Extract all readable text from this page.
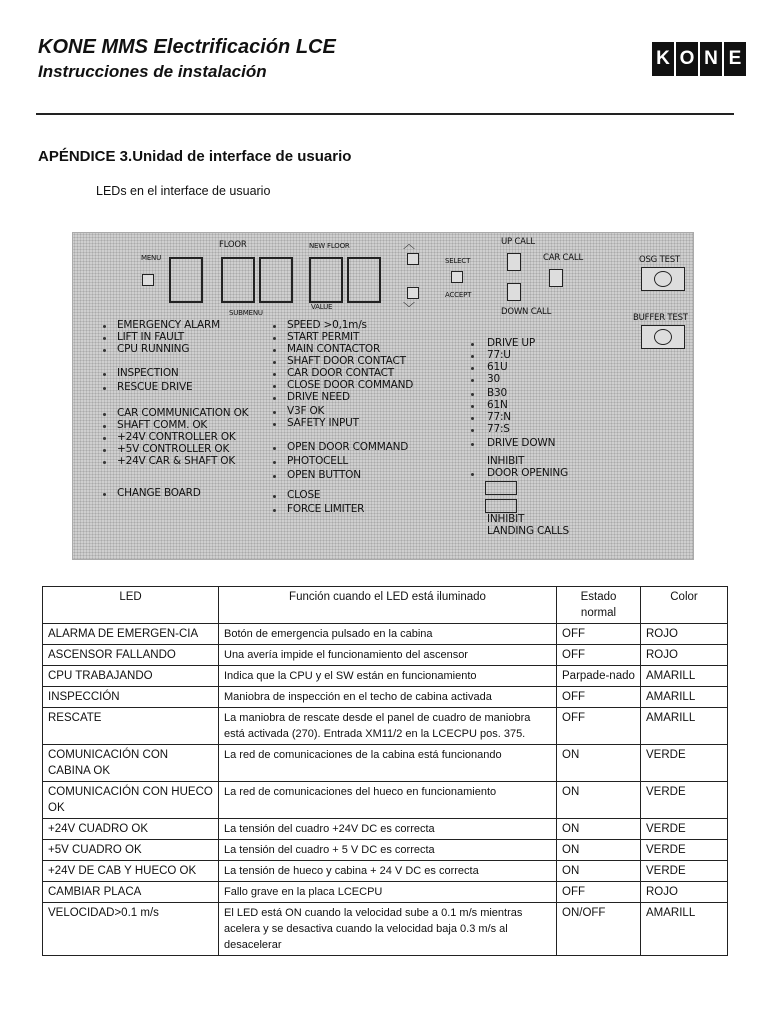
KONE MMS Electrificación LCE
Instrucciones de instalación
K O N E
APÉNDICE 3.Unidad de interface de usuario
LEDs en el interface de usuario
MENU
FLOOR	NEW FLOOR
SUBMENU
VALUE
︿
﹀
SELECT
ACCEPT
UP CALL
CAR CALL
DOWN CALL
OSG TEST
BUFFER TEST
EMERGENCY ALARM
LIFT IN FAULT
CPU RUNNING
INSPECTION
RESCUE DRIVE
CAR COMMUNICATION OK
SHAFT COMM. OK
+24V CONTROLLER OK
+5V CONTROLLER OK
+24V CAR & SHAFT OK
CHANGE BOARD
SPEED >0,1m/s
START PERMIT
MAIN CONTACTOR
SHAFT DOOR CONTACT
CAR DOOR CONTACT
CLOSE DOOR COMMAND
DRIVE NEED
V3F OK
SAFETY INPUT
OPEN DOOR COMMAND
PHOTOCELL
OPEN BUTTON
CLOSE
FORCE LIMITER
DRIVE UP
77:U
61U
30
B30
61N
77:N
77:S
DRIVE DOWN
INHIBIT
DOOR OPENING
INHIBIT
LANDING CALLS
LED	Función cuando el LED está iluminado	Estado normal	Color
ALARMA DE EMERGEN-CIA	Botón de emergencia pulsado en la cabina	OFF	ROJO
ASCENSOR FALLANDO	Una avería impide el funcionamiento del ascensor	OFF	ROJO
CPU TRABAJANDO	Indica que la CPU y el SW están en funcionamiento	Parpade-nado	AMARILL
INSPECCIÓN	Maniobra de inspección en el techo de cabina activada	OFF	AMARILL
RESCATE	La maniobra de rescate desde el panel de cuadro de maniobra está activada (270). Entrada XM11/2 en la LCECPU pos. 375.	OFF	AMARILL
COMUNICACIÓN CON CABINA OK	La red de comunicaciones de la cabina está funcionando	ON	VERDE
COMUNICACIÓN CON HUECO OK	La red de comunicaciones del hueco en funcionamiento	ON	VERDE
+24V CUADRO OK	La tensión del cuadro +24V DC es correcta	ON	VERDE
+5V CUADRO OK	La tensión del cuadro + 5 V DC es correcta	ON	VERDE
+24V DE CAB Y HUECO OK	La tensión de hueco y cabina + 24 V DC es correcta	ON	VERDE
CAMBIAR PLACA	Fallo grave en la placa LCECPU	OFF	ROJO
VELOCIDAD>0.1 m/s	El LED está ON cuando la velocidad sube a 0.1 m/s mientras acelera y se desactiva cuando la velocidad baja 0.3 m/s al desacelerar	ON/OFF	AMARILL
